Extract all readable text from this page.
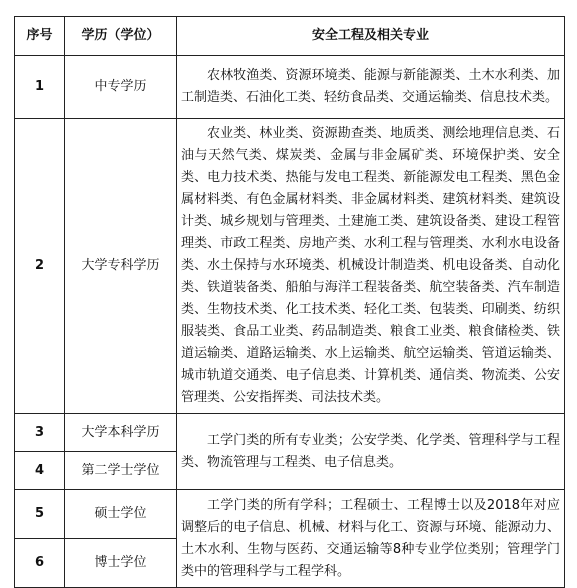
序号	学历（学位）	安全工程及相关专业
1	中专学历	农林牧渔类、资源环境类、能源与新能源类、土木水利类、加工制造类、石油化工类、轻纺食品类、交通运输类、信息技术类。
2	大学专科学历	农业类、林业类、资源勘查类、地质类、测绘地理信息类、石油与天然气类、煤炭类、金属与非金属矿类、环境保护类、安全类、电力技术类、热能与发电工程类、新能源发电工程类、黑色金属材料类、有色金属材料类、非金属材料类、建筑材料类、建筑设计类、城乡规划与管理类、土建施工类、建筑设备类、建设工程管理类、市政工程类、房地产类、水利工程与管理类、水利水电设备类、水土保持与水环境类、机械设计制造类、机电设备类、自动化类、铁道装备类、船舶与海洋工程装备类、航空装备类、汽车制造类、生物技术类、化工技术类、轻化工类、包装类、印刷类、纺织服装类、食品工业类、药品制造类、粮食工业类、粮食储检类、铁道运输类、道路运输类、水上运输类、航空运输类、管道运输类、城市轨道交通类、电子信息类、计算机类、通信类、物流类、公安管理类、公安指挥类、司法技术类。
3	大学本科学历	工学门类的所有专业类；公安学类、化学类、管理科学与工程类、物流管理与工程类、电子信息类。
4	第二学士学位	
5	硕士学位	工学门类的所有学科；工程硕士、工程博士以及2018年对应调整后的电子信息、机械、材料与化工、资源与环境、能源动力、土木水利、生物与医药、交通运输等8种专业学位类别；管理学门类中的管理科学与工程学科。
6	博士学位	
